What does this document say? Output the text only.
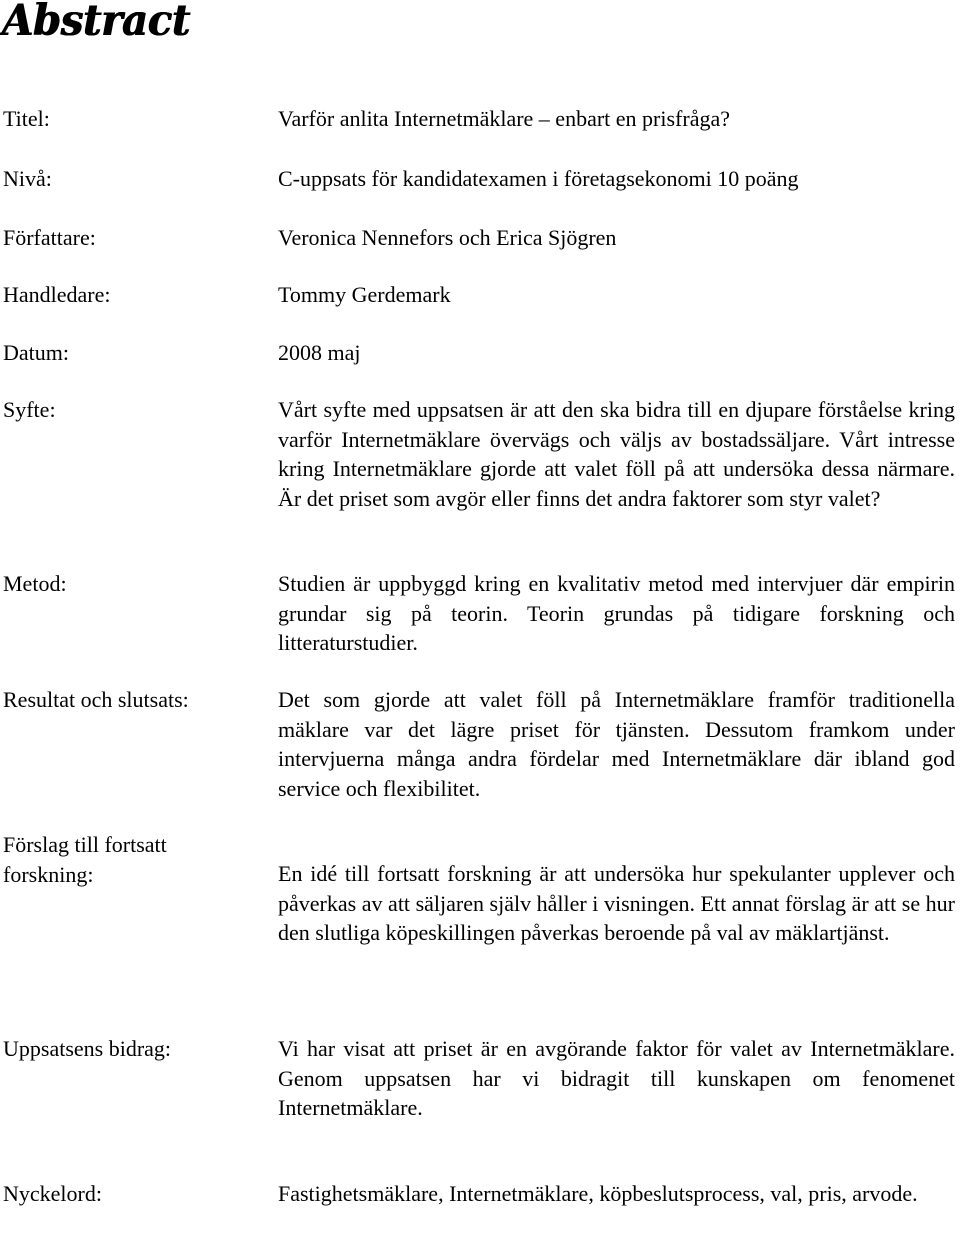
Abstract
Titel:	Varför anlita Internetmäklare – enbart en prisfråga?
Nivå:	C-uppsats för kandidatexamen i företagsekonomi 10 poäng
Författare:	Veronica Nennefors och Erica Sjögren
Handledare:	Tommy Gerdemark
Datum:	2008 maj
Syfte:	Vårt syfte med uppsatsen är att den ska bidra till en djupare förståelse kring varför Internetmäklare övervägs och väljs av bostadssäljare. Vårt intresse kring Internetmäklare gjorde att valet föll på att undersöka dessa närmare. Är det priset som avgör eller finns det andra faktorer som styr valet?
Metod:	Studien är uppbyggd kring en kvalitativ metod med intervjuer där empirin grundar sig på teorin. Teorin grundas på tidigare forskning och litteraturstudier.
Resultat och slutsats:	Det som gjorde att valet föll på Internetmäklare framför traditionella mäklare var det lägre priset för tjänsten. Dessutom framkom under intervjuerna många andra fördelar med Internetmäklare där ibland god service och flexibilitet.
Förslag till fortsatt forskning:	En idé till fortsatt forskning är att undersöka hur spekulanter upplever och påverkas av att säljaren själv håller i visningen. Ett annat förslag är att se hur den slutliga köpeskillingen påverkas beroende på val av mäklartjänst.
Uppsatsens bidrag:	Vi har visat att priset är en avgörande faktor för valet av Internetmäklare. Genom uppsatsen har vi bidragit till kunskapen om fenomenet Internetmäklare.
Nyckelord:	Fastighetsmäklare, Internetmäklare, köpbeslutsprocess, val, pris, arvode.
